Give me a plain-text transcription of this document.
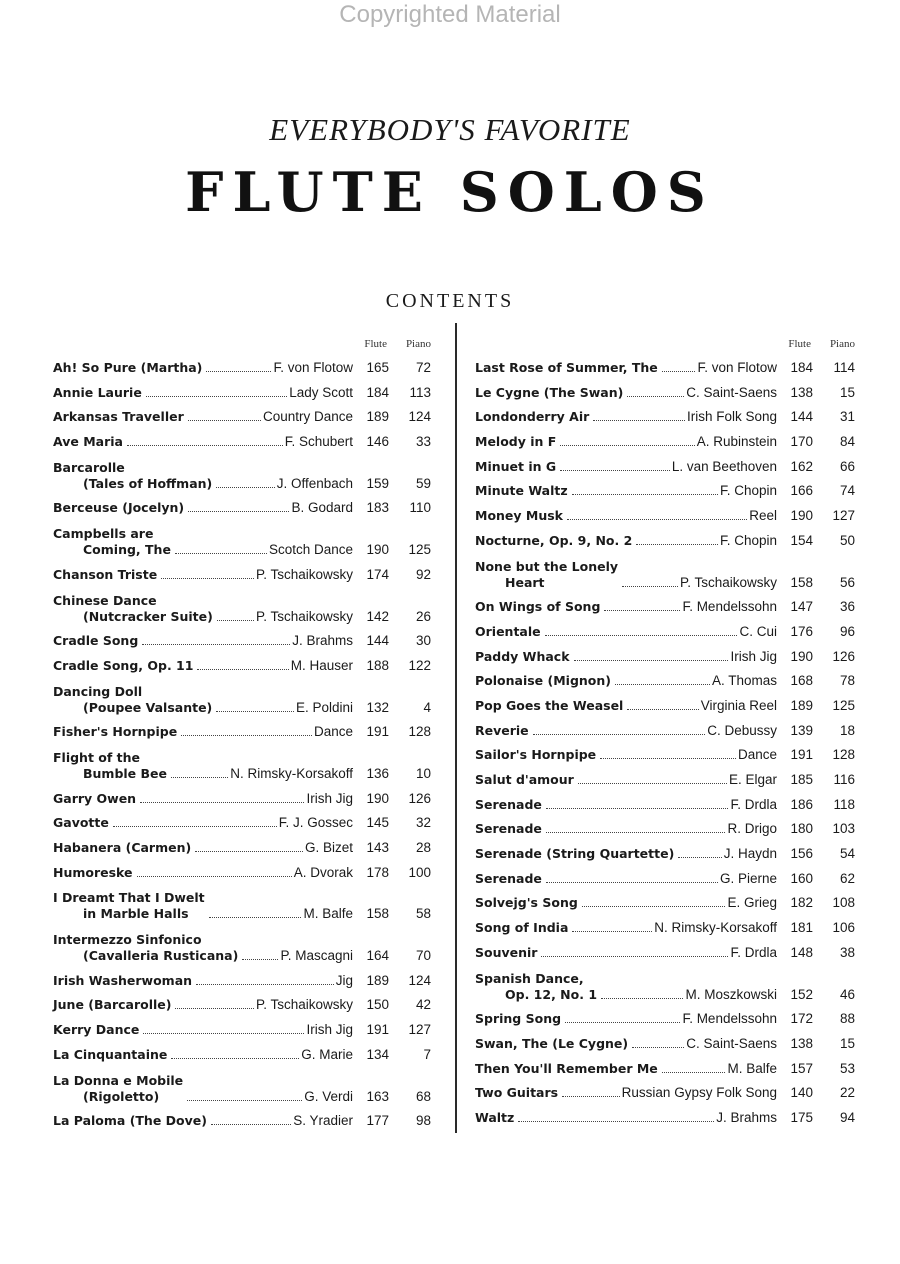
Copyrighted Material
EVERYBODY'S FAVORITE
FLUTE SOLOS
CONTENTS
Flute	Piano
Ah! So Pure (Martha)	F. von Flotow 165	72
Annie Laurie	Lady Scott 184	113
Arkansas Traveller	Country Dance 189	124
Ave Maria	F. Schubert 146	33
Barcarolle
(Tales of Hoffman)	J. Offenbach 159	59
Berceuse (Jocelyn)	B. Godard 183	110
Campbells are
Coming, The	Scotch Dance 190	125
Chanson Triste	P. Tschaikowsky 174	92
Chinese Dance
(Nutcracker Suite)	P. Tschaikowsky 142	26
Cradle Song	J. Brahms 144	30
Cradle Song, Op. 11	M. Hauser 188	122
Dancing Doll
(Poupee Valsante)	E. Poldini 132	4
Fisher's Hornpipe	Dance 191	128
Flight of the
Bumble Bee	N. Rimsky-Korsakoff 136	10
Garry Owen	Irish Jig 190	126
Gavotte	F. J. Gossec 145	32
Habanera (Carmen)	G. Bizet 143	28
Humoreske	A. Dvorak 178	100
I Dreamt That I Dwelt
in Marble Halls	M. Balfe 158	58
Intermezzo Sinfonico
(Cavalleria Rusticana)	P. Mascagni 164	70
Irish Washerwoman	Jig 189	124
June (Barcarolle)	P. Tschaikowsky 150	42
Kerry Dance	Irish Jig 191	127
La Cinquantaine	G. Marie 134	7
La Donna e Mobile
(Rigoletto)	G. Verdi 163	68
La Paloma (The Dove)	S. Yradier 177	98
Flute	Piano
Last Rose of Summer, The	F. von Flotow 184	114
Le Cygne (The Swan)	C. Saint-Saens 138	15
Londonderry Air	Irish Folk Song 144	31
Melody in F	A. Rubinstein 170	84
Minuet in G	L. van Beethoven 162	66
Minute Waltz	F. Chopin 166	74
Money Musk	Reel 190	127
Nocturne, Op. 9, No. 2	F. Chopin 154	50
None but the Lonely
Heart	P. Tschaikowsky 158	56
On Wings of Song	F. Mendelssohn 147	36
Orientale	C. Cui 176	96
Paddy Whack	Irish Jig 190	126
Polonaise (Mignon)	A. Thomas 168	78
Pop Goes the Weasel	Virginia Reel 189	125
Reverie	C. Debussy 139	18
Sailor's Hornpipe	Dance 191	128
Salut d'amour	E. Elgar 185	116
Serenade	F. Drdla 186	118
Serenade	R. Drigo 180	103
Serenade (String Quartette)	J. Haydn 156	54
Serenade	G. Pierne 160	62
Solvejg's Song	E. Grieg 182	108
Song of India	N. Rimsky-Korsakoff 181	106
Souvenir	F. Drdla 148	38
Spanish Dance,
Op. 12, No. 1	M. Moszkowski 152	46
Spring Song	F. Mendelssohn 172	88
Swan, The (Le Cygne)	C. Saint-Saens 138	15
Then You'll Remember Me	M. Balfe 157	53
Two Guitars	Russian Gypsy Folk Song 140	22
Waltz	J. Brahms 175	94
